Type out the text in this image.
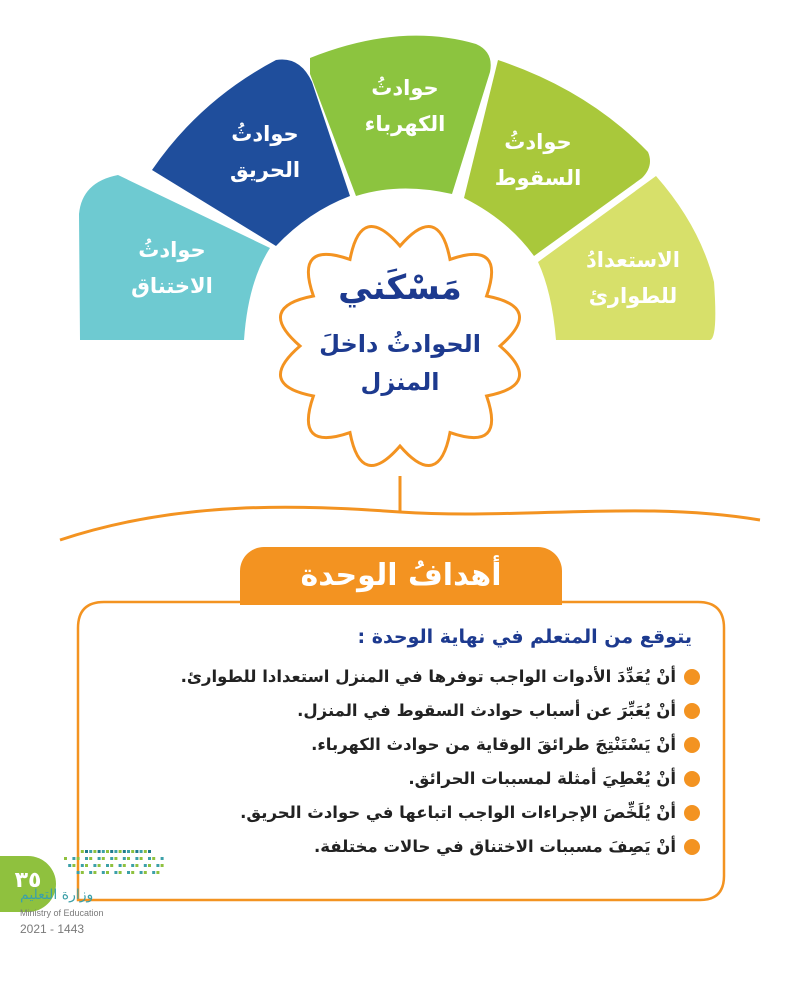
حوادثُ
الاختناق
حوادثُ
الحريق
حوادثُ
الكهرباء
حوادثُ
السقوط
الاستعدادُ
للطوارئ
مَسْكَني
الحوادثُ داخلَ
المنزل
أهدافُ الوحدة
يتوقع من المتعلم في نهاية الوحدة :
أنْ يُعَدِّدَ الأدوات الواجب توفرها في المنزل استعدادا للطوارئ.
أنْ يُعَبِّرَ عن أسباب حوادث السقوط في المنزل.
أنْ يَسْتَنْتِجَ طرائقَ الوقاية من حوادث الكهرباء.
أنْ يُعْطِيَ أمثلة لمسببات الحرائق.
أنْ يُلَخِّصَ الإجراءات الواجب اتباعها في حوادث الحريق.
أنْ يَصِفَ مسببات الاختناق في حالات مختلفة.
٣٥
وزارة التعليم
Ministry of Education
2021 - 1443
